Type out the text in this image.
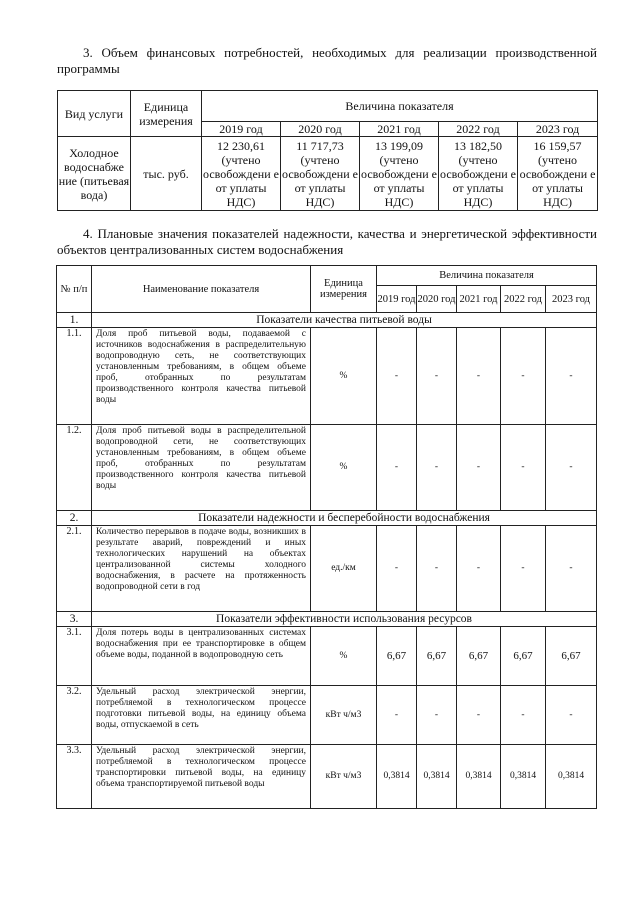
3. Объем финансовых потребностей, необходимых для реализации производственной программы

Вид услуги	Единица измерения	Величина показателя				
		2019 год	2020 год	2021 год	2022 год	2023 год
Холодное водоснабже ние (питьевая вода)	тыс. руб.	12 230,61 (учтено освобождени е от уплаты НДС)	11 717,73 (учтено освобождени е от уплаты НДС)	13 199,09 (учтено освобождени е от уплаты НДС)	13 182,50 (учтено освобождени е от уплаты НДС)	16 159,57 (учтено освобождени е от уплаты НДС)

4. Плановые значения показателей надежности, качества и энергетической эффективности объектов централизованных систем водоснабжения

№ п/п	Наименование показателя	Единица измерения	Величина показателя				
			2019 год	2020 год	2021 год	2022 год	2023 год
1.	Показатели качества питьевой воды						
1.1.	Доля проб питьевой воды, подаваемой с источников водоснабжения в распределительную водопроводную сеть, не соответствующих установленным требованиям, в общем объеме проб, отобранных по результатам производственного контроля качества питьевой воды	%	-	-	-	-	-
1.2.	Доля проб питьевой воды в распределительной водопроводной сети, не соответствующих установленным требованиям, в общем объеме проб, отобранных по результатам производственного контроля качества питьевой воды	%	-	-	-	-	-
2.	Показатели надежности и бесперебойности водоснабжения						
2.1.	Количество перерывов в подаче воды, возникших в результате аварий, повреждений и иных технологических нарушений на объектах централизованной системы холодного водоснабжения, в расчете на протяженность водопроводной сети в год	ед./км	-	-	-	-	-
3.	Показатели эффективности использования ресурсов						
3.1.	Доля потерь воды в централизованных системах водоснабжения при ее транспортировке в общем объеме воды, поданной в водопроводную сеть	%	6,67	6,67	6,67	6,67	6,67
3.2.	Удельный расход электрической энергии, потребляемой в технологическом процессе подготовки питьевой воды, на единицу объема воды, отпускаемой в сеть	кВт ч/м3	-	-	-	-	-
3.3.	Удельный расход электрической энергии, потребляемой в технологическом процессе транспортировки питьевой воды, на единицу объема транспортируемой питьевой воды	кВт ч/м3	0,3814	0,3814	0,3814	0,3814	0,3814
